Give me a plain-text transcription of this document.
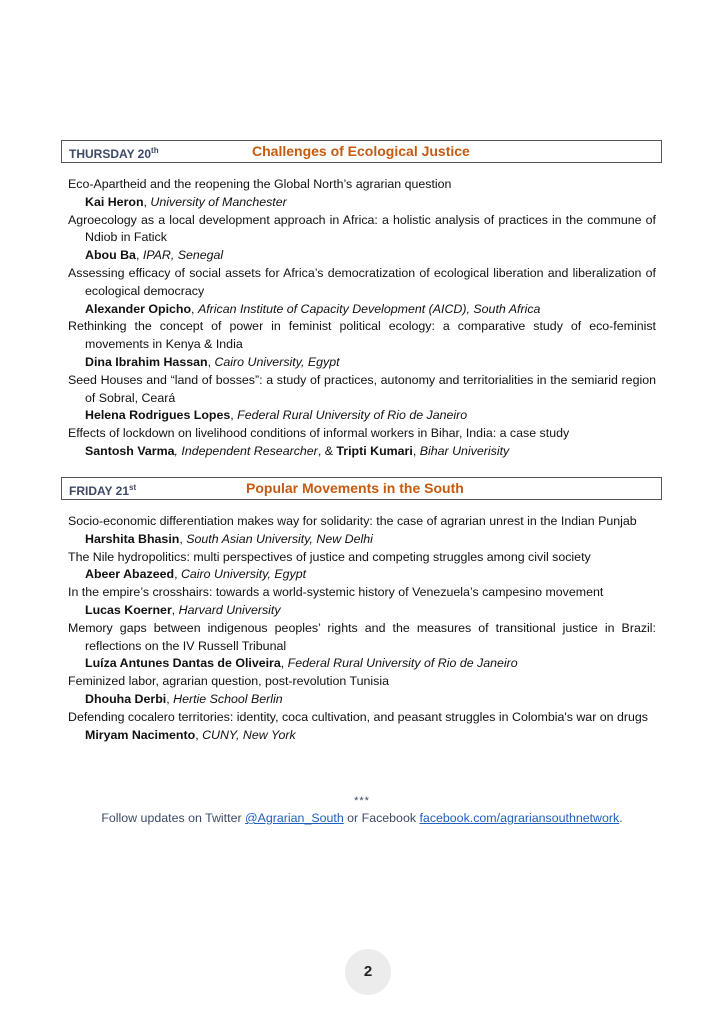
THURSDAY 20th	Challenges of Ecological Justice
Eco-Apartheid and the reopening the Global North’s agrarian question
Kai Heron, University of Manchester
Agroecology as a local development approach in Africa: a holistic analysis of practices in the commune of Ndiob in Fatick
Abou Ba, IPAR, Senegal
Assessing efficacy of social assets for Africa’s democratization of ecological liberation and liberalization of ecological democracy
Alexander Opicho, African Institute of Capacity Development (AICD), South Africa
Rethinking the concept of power in feminist political ecology: a comparative study of eco-feminist movements in Kenya & India
Dina Ibrahim Hassan, Cairo University, Egypt
Seed Houses and “land of bosses”: a study of practices, autonomy and territorialities in the semiarid region of Sobral, Ceará
Helena Rodrigues Lopes, Federal Rural University of Rio de Janeiro
Effects of lockdown on livelihood conditions of informal workers in Bihar, India: a case study
Santosh Varma, Independent Researcher, & Tripti Kumari, Bihar Univerisity
FRIDAY 21st	Popular Movements in the South
Socio-economic differentiation makes way for solidarity: the case of agrarian unrest in the Indian Punjab
Harshita Bhasin, South Asian University, New Delhi
The Nile hydropolitics: multi perspectives of justice and competing struggles among civil society
Abeer Abazeed, Cairo University, Egypt
In the empire’s crosshairs: towards a world-systemic history of Venezuela’s campesino movement
Lucas Koerner, Harvard University
Memory gaps between indigenous peoples’ rights and the measures of transitional justice in Brazil: reflections on the IV Russell Tribunal
Luíza Antunes Dantas de Oliveira, Federal Rural University of Rio de Janeiro
Feminized labor, agrarian question, post-revolution Tunisia
Dhouha Derbi, Hertie School Berlin
Defending cocalero territories: identity, coca cultivation, and peasant struggles in Colombia's war on drugs
Miryam Nacimento, CUNY, New York
***
Follow updates on Twitter @Agrarian_South or Facebook facebook.com/agrariansouthnetwork.
2
